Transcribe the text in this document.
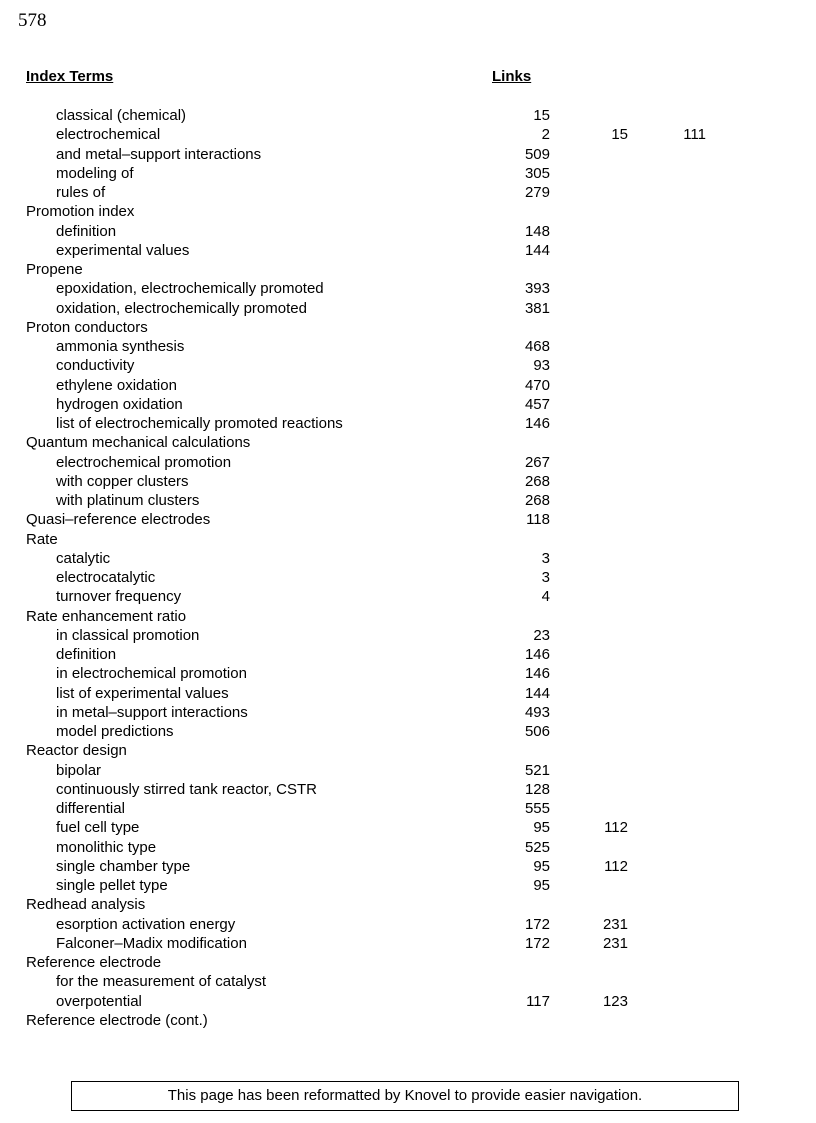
578
Index Terms	Links
classical (chemical)	15
electrochemical	2	15	111
and metal–support interactions	509
modeling of	305
rules of	279
Promotion index
definition	148
experimental values	144
Propene
epoxidation, electrochemically promoted	393
oxidation, electrochemically promoted	381
Proton conductors
ammonia synthesis	468
conductivity	93
ethylene oxidation	470
hydrogen oxidation	457
list of electrochemically promoted reactions	146
Quantum mechanical calculations
electrochemical promotion	267
with copper clusters	268
with platinum clusters	268
Quasi–reference electrodes	118
Rate
catalytic	3
electrocatalytic	3
turnover frequency	4
Rate enhancement ratio
in classical promotion	23
definition	146
in electrochemical promotion	146
list of experimental values	144
in metal–support interactions	493
model predictions	506
Reactor design
bipolar	521
continuously stirred tank reactor, CSTR	128
differential	555
fuel cell type	95	112
monolithic type	525
single chamber type	95	112
single pellet type	95
Redhead analysis
esorption activation energy	172	231
Falconer–Madix modification	172	231
Reference electrode
for the measurement of catalyst
overpotential	117	123
Reference electrode (cont.)
This page has been reformatted by Knovel to provide easier navigation.
